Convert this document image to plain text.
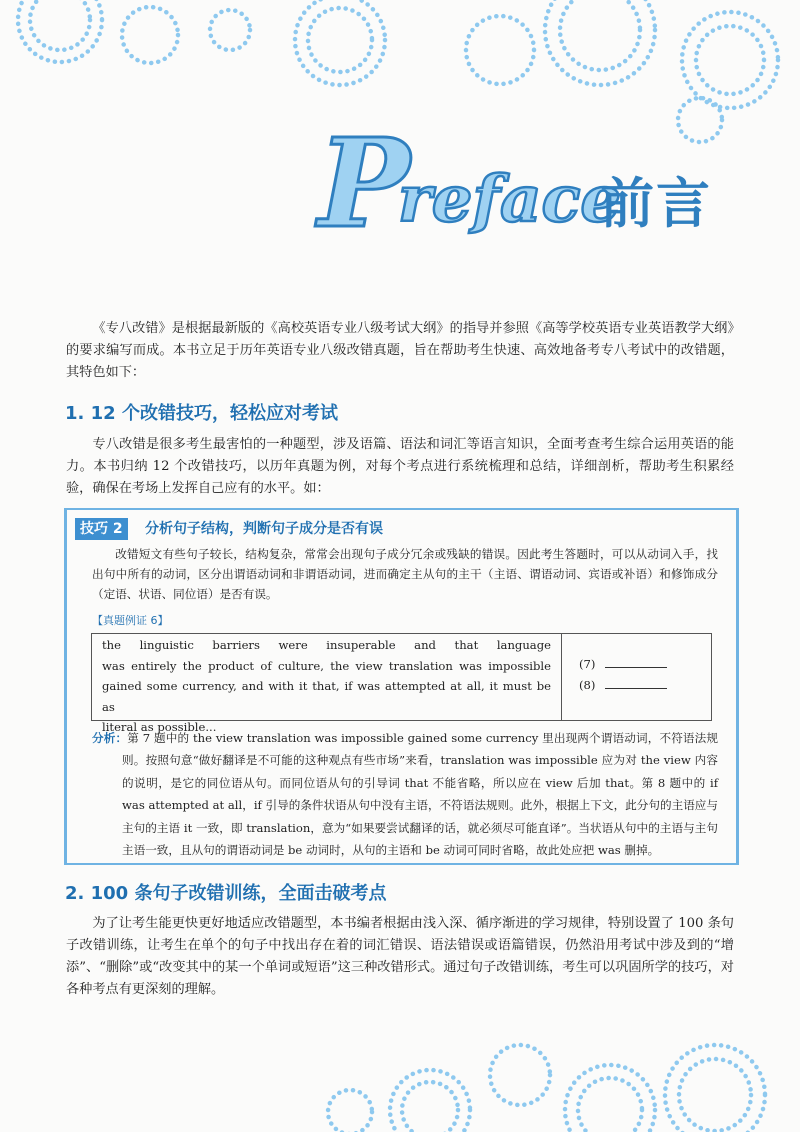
P
reface
前言
《专八改错》是根据最新版的《高校英语专业八级考试大纲》的指导并参照《高等学校英语专业英语教学大纲》的要求编写而成。本书立足于历年英语专业八级改错真题，旨在帮助考生快速、高效地备考专八考试中的改错题，其特色如下：
1. 12 个改错技巧，轻松应对考试
专八改错是很多考生最害怕的一种题型，涉及语篇、语法和词汇等语言知识，全面考查考生综合运用英语的能力。本书归纳 12 个改错技巧，以历年真题为例，对每个考点进行系统梳理和总结，详细剖析，帮助考生积累经验，确保在考场上发挥自己应有的水平。如：
技巧 2	分析句子结构，判断句子成分是否有误
改错短文有些句子较长，结构复杂，常常会出现句子成分冗余或残缺的错误。因此考生答题时，可以从动词入手，找出句中所有的动词，区分出谓语动词和非谓语动词，进而确定主从句的主干（主语、谓语动词、宾语或补语）和修饰成分（定语、状语、同位语）是否有误。
【真题例证 6】
the linguistic barriers were insuperable and that language
was entirely the product of culture, the view translation was impossible
gained some currency, and with it that, if was attempted at all, it must be as
literal as possible...
(7)
(8)
分析：第 7 题中的 the view translation was impossible gained some currency 里出现两个谓语动词，不符语法规则。按照句意“做好翻译是不可能的这种观点有些市场”来看，translation was impossible 应为对 the view 内容的说明，是它的同位语从句。而同位语从句的引导词 that 不能省略，所以应在 view 后加 that。第 8 题中的 if was attempted at all，if 引导的条件状语从句中没有主语，不符语法规则。此外，根据上下文，此分句的主语应与主句的主语 it 一致，即 translation，意为“如果要尝试翻译的话，就必须尽可能直译”。当状语从句中的主语与主句主语一致，且从句的谓语动词是 be 动词时，从句的主语和 be 动词可同时省略，故此处应把 was 删掉。
2. 100 条句子改错训练，全面击破考点
为了让考生能更快更好地适应改错题型，本书编者根据由浅入深、循序渐进的学习规律，特别设置了 100 条句子改错训练，让考生在单个的句子中找出存在着的词汇错误、语法错误或语篇错误，仍然沿用考试中涉及到的“增添”、“删除”或“改变其中的某一个单词或短语”这三种改错形式。通过句子改错训练，考生可以巩固所学的技巧，对各种考点有更深刻的理解。
